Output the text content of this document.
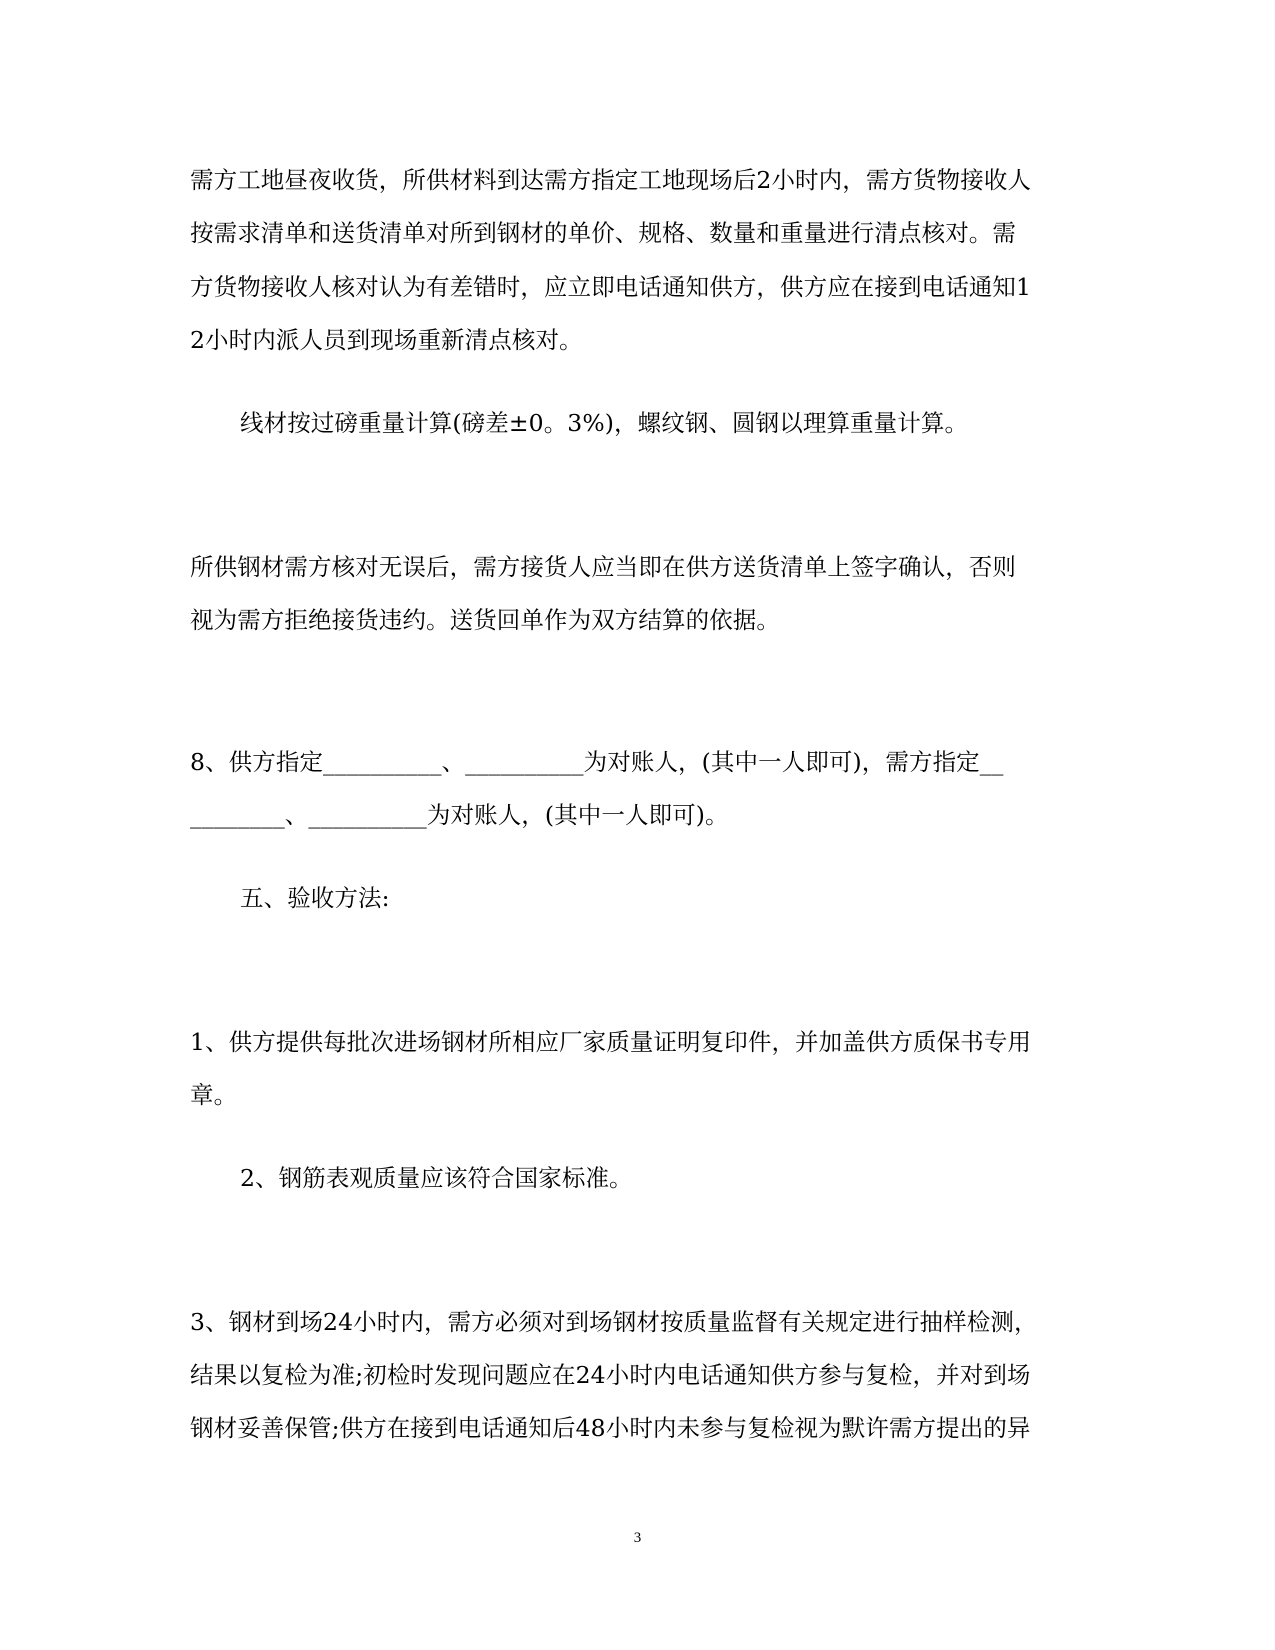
需方工地昼夜收货，所供材料到达需方指定工地现场后2小时内，需方货物接收人
按需求清单和送货清单对所到钢材的单价、规格、数量和重量进行清点核对。需
方货物接收人核对认为有差错时，应立即电话通知供方，供方应在接到电话通知1
2小时内派人员到现场重新清点核对。
线材按过磅重量计算(磅差±0。3%)，螺纹钢、圆钢以理算重量计算。
所供钢材需方核对无误后，需方接货人应当即在供方送货清单上签字确认，否则
视为需方拒绝接货违约。送货回单作为双方结算的依据。
8、供方指定__________、__________为对账人，(其中一人即可)，需方指定__
________、__________为对账人，(其中一人即可)。
五、验收方法:
1、供方提供每批次进场钢材所相应厂家质量证明复印件，并加盖供方质保书专用
章。
2、钢筋表观质量应该符合国家标准。
3、钢材到场24小时内，需方必须对到场钢材按质量监督有关规定进行抽样检测，
结果以复检为准;初检时发现问题应在24小时内电话通知供方参与复检，并对到场
钢材妥善保管;供方在接到电话通知后48小时内未参与复检视为默许需方提出的异
3
